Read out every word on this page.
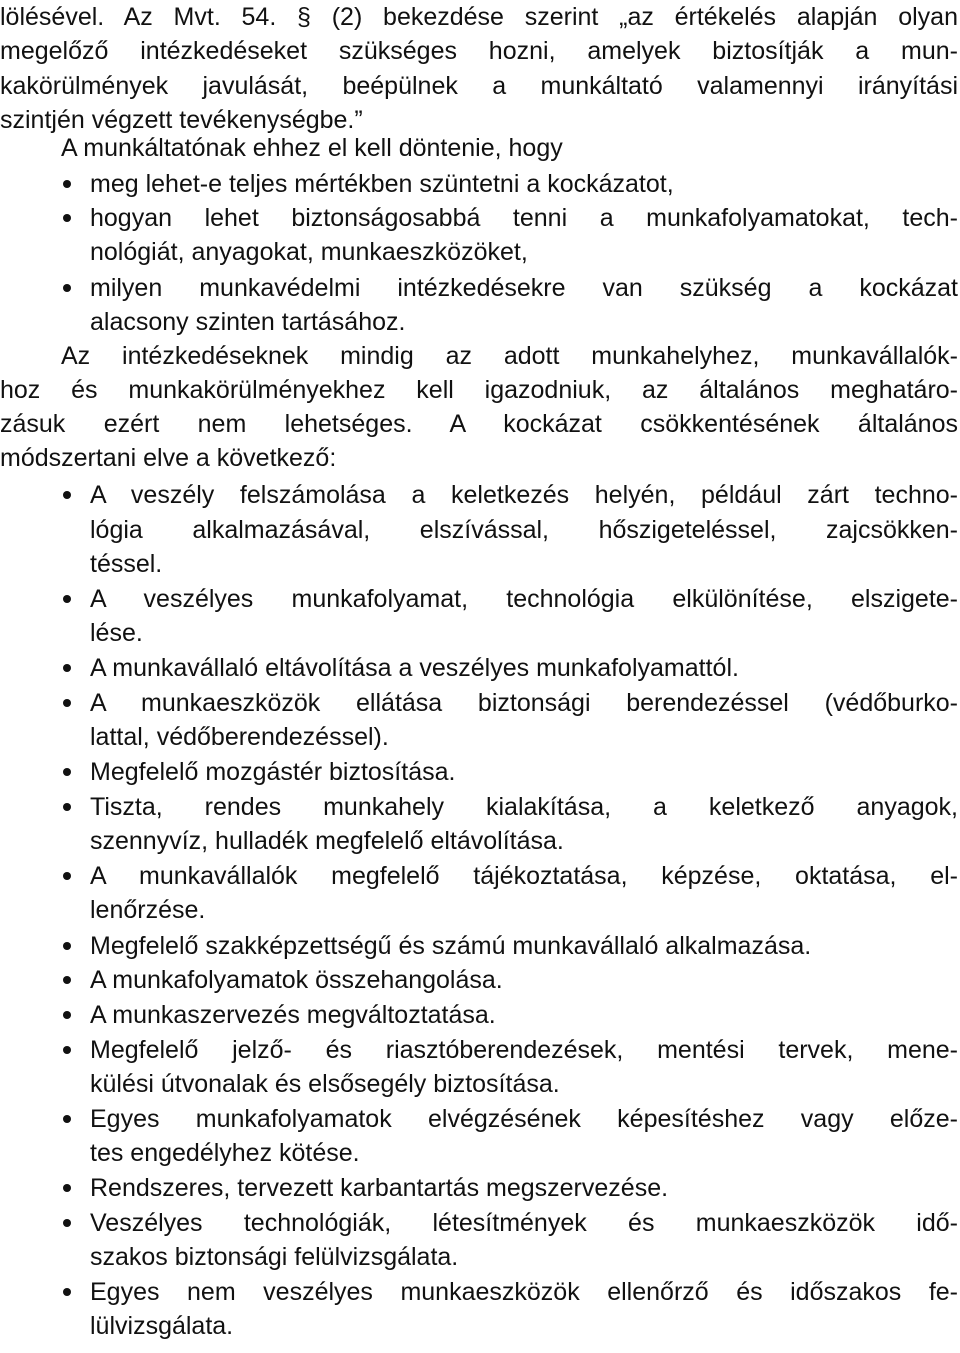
lölésével. Az Mvt. 54. § (2) bekezdése szerint „az értékelés alapján olyan
megelőző intézkedéseket szükséges hozni, amelyek biztosítják a mun-
kakörülmények javulását, beépülnek a munkáltató valamennyi irányítási
szintjén végzett tevékenységbe.”
A munkáltatónak ehhez el kell döntenie, hogy
meg lehet-e teljes mértékben szüntetni a kockázatot,
hogyan lehet biztonságosabbá tenni a munkafolyamatokat, tech-
nológiát, anyagokat, munkaeszközöket,
milyen munkavédelmi intézkedésekre van szükség a kockázat
alacsony szinten tartásához.
Az intézkedéseknek mindig az adott munkahelyhez, munkavállalók-
hoz és munkakörülményekhez kell igazodniuk, az általános meghatáro-
zásuk ezért nem lehetséges. A kockázat csökkentésének általános
módszertani elve a következő:
A veszély felszámolása a keletkezés helyén, például zárt techno-
lógia alkalmazásával, elszívással, hőszigeteléssel, zajcsökken-
téssel.
A veszélyes munkafolyamat, technológia elkülönítése, elszigete-
lése.
A munkavállaló eltávolítása a veszélyes munkafolyamattól.
A munkaeszközök ellátása biztonsági berendezéssel (védőburko-
lattal, védőberendezéssel).
Megfelelő mozgástér biztosítása.
Tiszta, rendes munkahely kialakítása, a keletkező anyagok,
szennyvíz, hulladék megfelelő eltávolítása.
A munkavállalók megfelelő tájékoztatása, képzése, oktatása, el-
lenőrzése.
Megfelelő szakképzettségű és számú munkavállaló alkalmazása.
A munkafolyamatok összehangolása.
A munkaszervezés megváltoztatása.
Megfelelő jelző- és riasztóberendezések, mentési tervek, mene-
külési útvonalak és elsősegély biztosítása.
Egyes munkafolyamatok elvégzésének képesítéshez vagy előze-
tes engedélyhez kötése.
Rendszeres, tervezett karbantartás megszervezése.
Veszélyes technológiák, létesítmények és munkaeszközök idő-
szakos biztonsági felülvizsgálata.
Egyes nem veszélyes munkaeszközök ellenőrző és időszakos fe-
lülvizsgálata.
